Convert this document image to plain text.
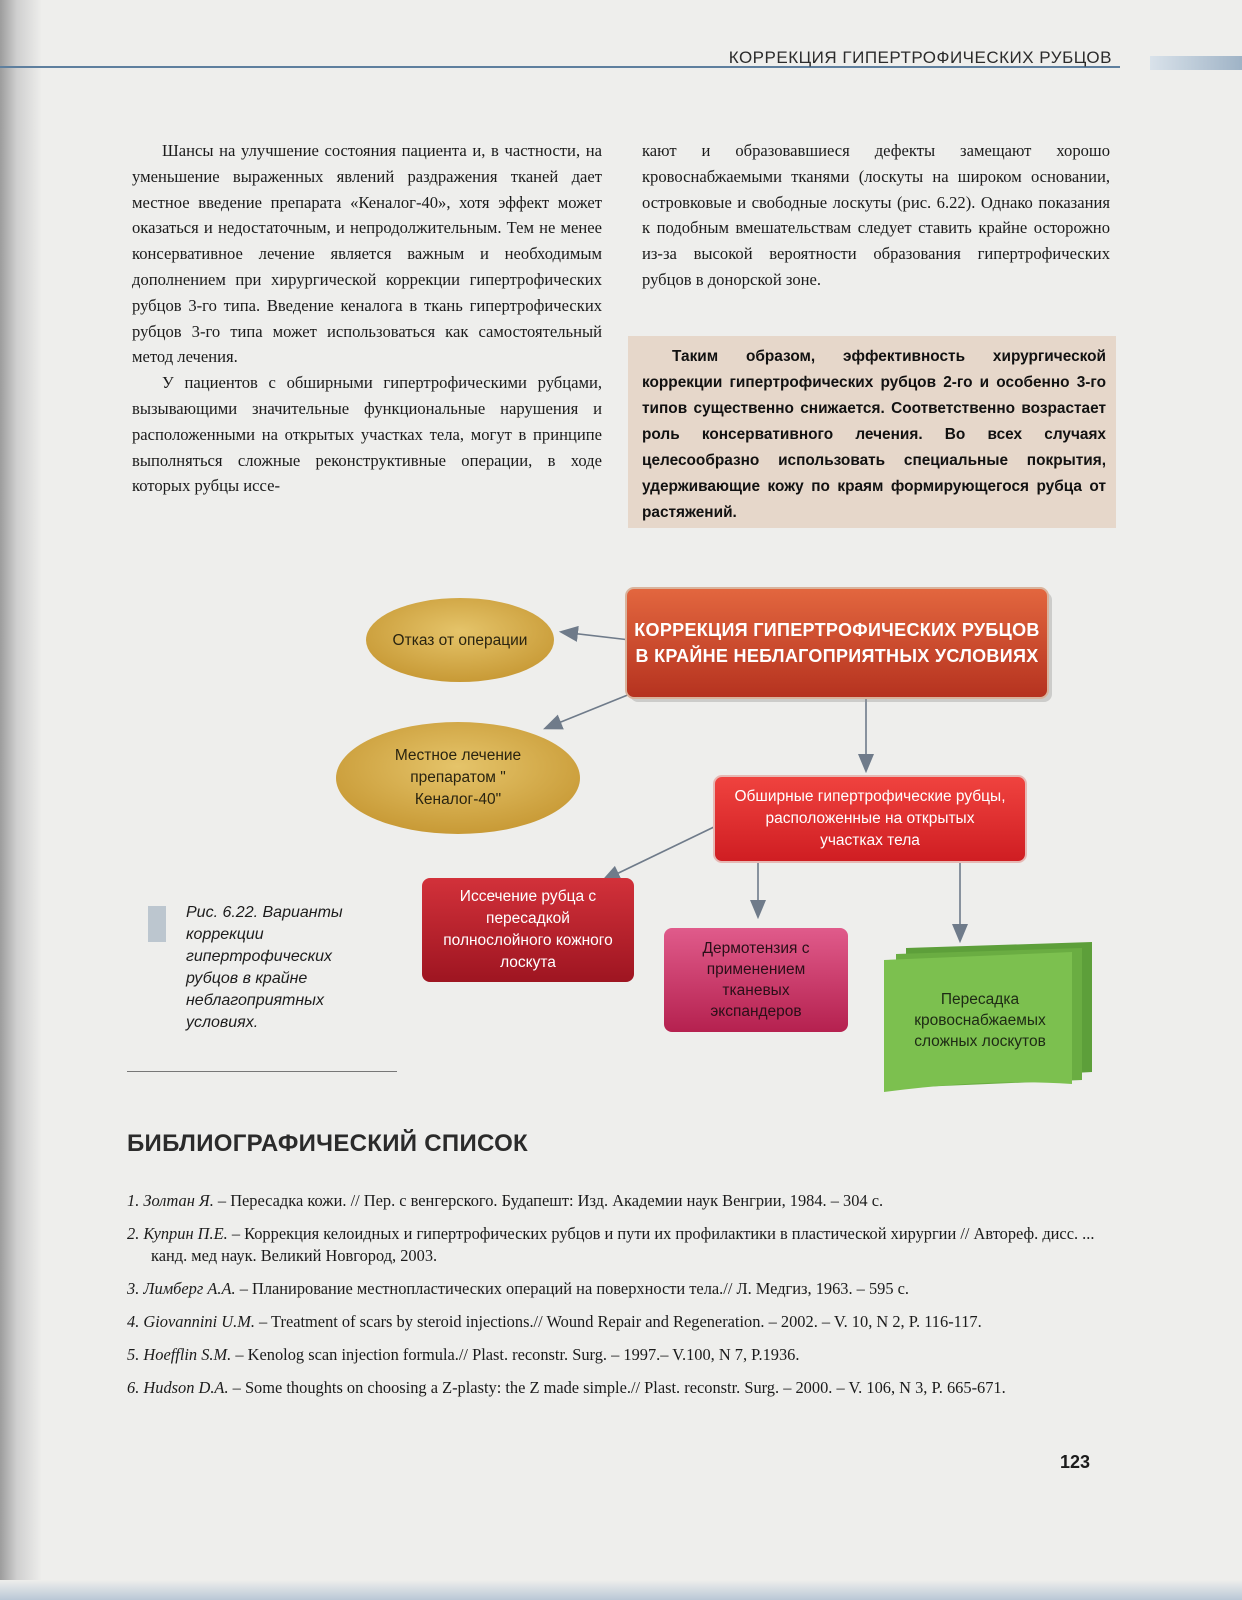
КОРРЕКЦИЯ ГИПЕРТРОФИЧЕСКИХ РУБЦОВ

Шансы на улучшение состояния пациента и, в частности, на уменьшение выраженных явлений раздражения тканей дает местное введение препарата «Кеналог-40», хотя эффект может оказаться и недостаточным, и непродолжительным. Тем не менее консервативное лечение является важным и необходимым дополнением при хирургической коррекции гипертрофических рубцов 3-го типа. Введение кеналога в ткань гипертрофических рубцов 3-го типа может использоваться как самостоятельный метод лечения.

У пациентов с обширными гипертрофическими рубцами, вызывающими значительные функциональные нарушения и расположенными на открытых участках тела, могут в принципе выполняться сложные реконструктивные операции, в ходе которых рубцы иссе-

кают и образовавшиеся дефекты замещают хорошо кровоснабжаемыми тканями (лоскуты на широком основании, островковые и свободные лоскуты (рис. 6.22). Однако показания к подобным вмешательствам следует ставить крайне осторожно из-за высокой вероятности образования гипертрофических рубцов в донорской зоне.

Таким образом, эффективность хирургической коррекции гипертрофических рубцов 2-го и особенно 3-го типов существенно снижается. Соответственно возрастает роль консервативного лечения. Во всех случаях целесообразно использовать специальные покрытия, удерживающие кожу по краям формирующегося рубца от растяжений.
КОРРЕКЦИЯ ГИПЕРТРОФИЧЕСКИХ РУБЦОВ В КРАЙНЕ НЕБЛАГОПРИЯТНЫХ УСЛОВИЯХ
Отказ от операции
Местное лечение препаратом " Кеналог-40"	Обширные гипертрофические рубцы, расположенные на открытых участках тела
Иссечение рубца с пересадкой полнослойного кожного лоскута
Дермотензия с применением тканевых экспандеров
Пересадка кровоснабжаемых сложных лоскутов
Рис. 6.22. Варианты коррекции гипертрофических рубцов в крайне неблагоприятных условиях.
БИБЛИОГРАФИЧЕСКИЙ СПИСОК
1. Золтан Я. – Пересадка кожи. // Пер. с венгерского. Будапешт: Изд. Академии наук Венгрии, 1984. – 304 с.
2. Куприн П.Е. – Коррекция келоидных и гипертрофических рубцов и пути их профилактики в пластической хирургии // Автореф. дисс. ... канд. мед наук. Великий Новгород, 2003.
3. Лимберг А.А. – Планирование местнопластических операций на поверхности тела.// Л. Медгиз, 1963. – 595 с.
4. Giovannini U.M. – Treatment of scars by steroid injections.// Wound Repair and Regeneration. – 2002. – V. 10, N 2, P. 116-117.
5. Hoefflin S.M. – Kenolog scan injection formula.// Plast. reconstr. Surg. – 1997.– V.100, N 7, P.1936.
6. Hudson D.A. – Some thoughts on choosing a Z-plasty: the Z made simple.// Plast. reconstr. Surg. – 2000. – V. 106, N 3, P. 665-671.
123
